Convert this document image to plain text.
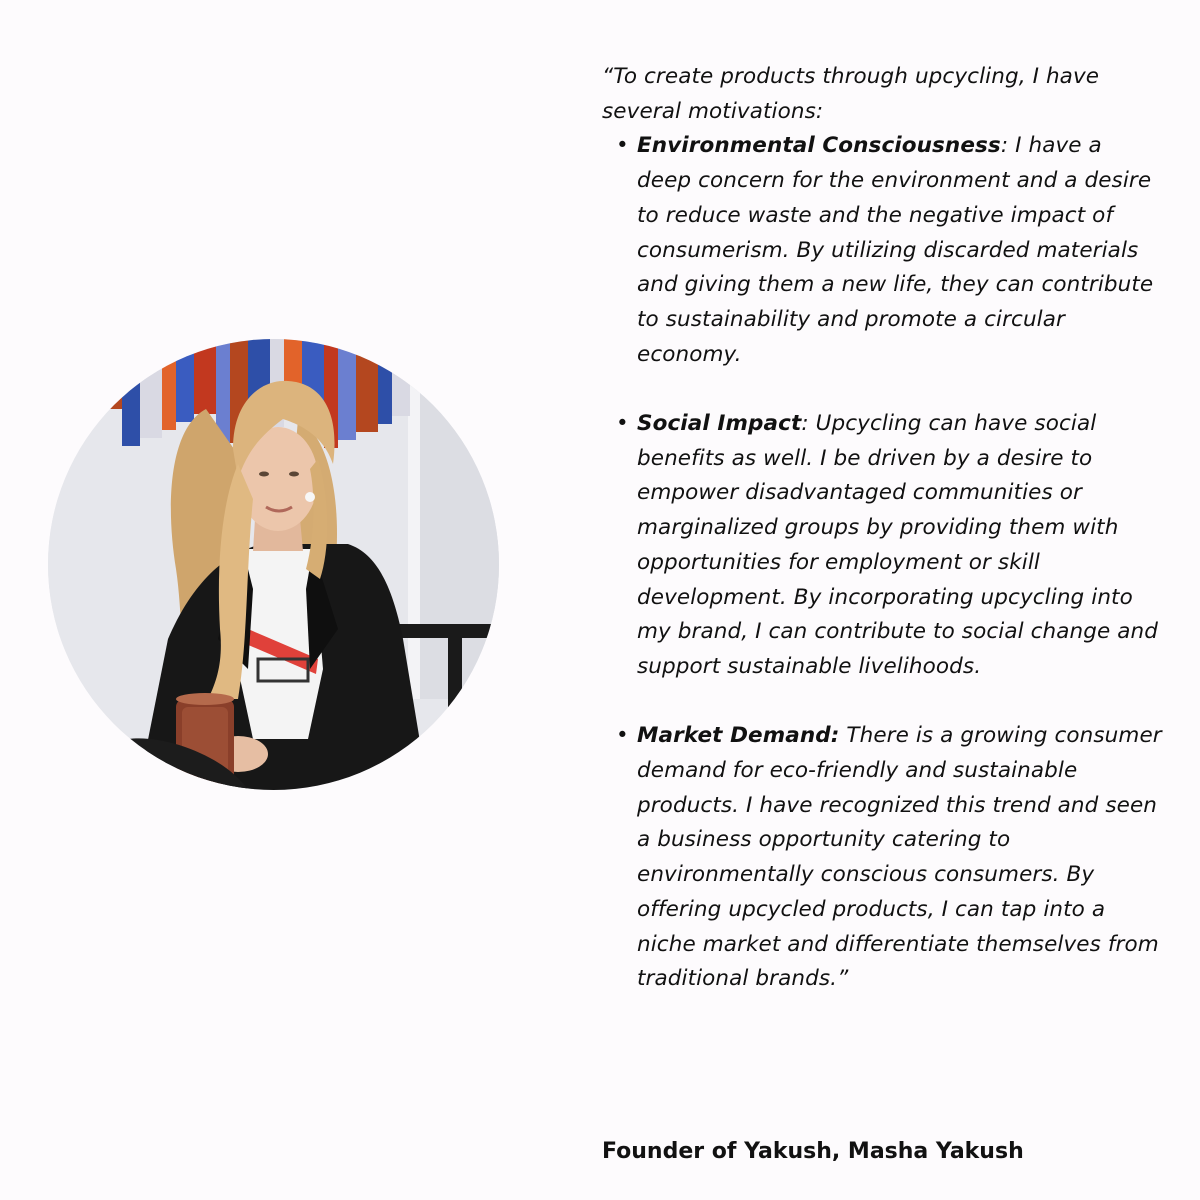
“To create products through upcycling, I have several motivations:

• Environmental Consciousness: I have a deep concern for the environment and a desire to reduce waste and the negative impact of consumerism. By utilizing discarded materials and giving them a new life, they can contribute to sustainability and promote a circular economy.
• Social Impact: Upcycling can have social benefits as well. I be driven by a desire to empower disadvantaged communities or marginalized groups by providing them with opportunities for employment or skill development. By incorporating upcycling into my brand, I can contribute to social change and support sustainable livelihoods.
• Market Demand: There is a growing consumer demand for eco-friendly and sustainable products. I have recognized this trend and seen a business opportunity catering to environmentally conscious consumers. By offering upcycled products, I can tap into a niche market and differentiate themselves from traditional brands.”
Founder of Yakush, Masha Yakush
